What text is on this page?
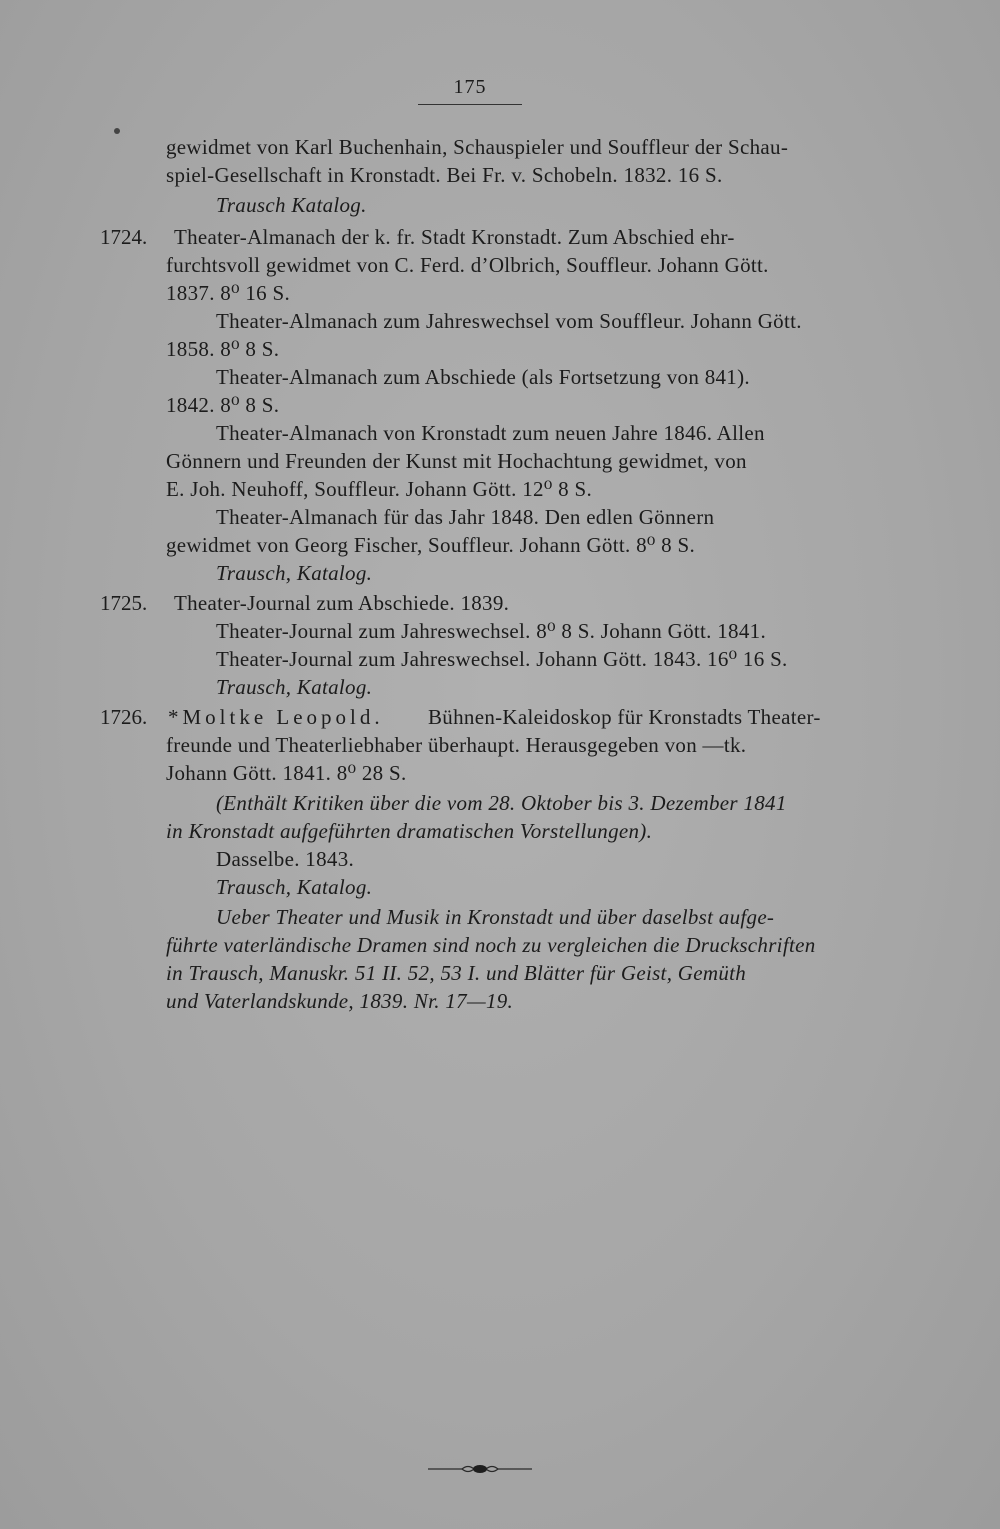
175
1724.
1725.
1726.
gewidmet von Karl Buchenhain, Schauspieler und Souffleur der Schau-
spiel-Gesellschaft in Kronstadt. Bei Fr. v. Schobeln. 1832. 16 S.
Trausch Katalog.
Theater-Almanach der k. fr. Stadt Kronstadt. Zum Abschied ehr-
furchtsvoll gewidmet von C. Ferd. d’Olbrich, Souffleur. Johann Gött.
1837. 8⁰ 16 S.
Theater-Almanach zum Jahreswechsel vom Souffleur. Johann Gött.
1858. 8⁰ 8 S.
Theater-Almanach zum Abschiede (als Fortsetzung von 841).
1842. 8⁰ 8 S.
Theater-Almanach von Kronstadt zum neuen Jahre 1846. Allen
Gönnern und Freunden der Kunst mit Hochachtung gewidmet, von
E. Joh. Neuhoff, Souffleur. Johann Gött. 12⁰ 8 S.
Theater-Almanach für das Jahr 1848. Den edlen Gönnern
gewidmet von Georg Fischer, Souffleur. Johann Gött. 8⁰ 8 S.
Trausch, Katalog.
Theater-Journal zum Abschiede. 1839.
Theater-Journal zum Jahreswechsel. 8⁰ 8 S. Johann Gött. 1841.
Theater-Journal zum Jahreswechsel. Johann Gött. 1843. 16⁰ 16 S.
Trausch, Katalog.
*Moltke Leopold. Bühnen-Kaleidoskop für Kronstadts Theater-
freunde und Theaterliebhaber überhaupt. Herausgegeben von —tk.
Johann Gött. 1841. 8⁰ 28 S.
(Enthält Kritiken über die vom 28. Oktober bis 3. Dezember 1841
in Kronstadt aufgeführten dramatischen Vorstellungen).
Dasselbe. 1843.
Trausch, Katalog.
Ueber Theater und Musik in Kronstadt und über daselbst aufge-
führte vaterländische Dramen sind noch zu vergleichen die Druckschriften
in Trausch, Manuskr. 51 II. 52, 53 I. und Blätter für Geist, Gemüth
und Vaterlandskunde, 1839. Nr. 17—19.
